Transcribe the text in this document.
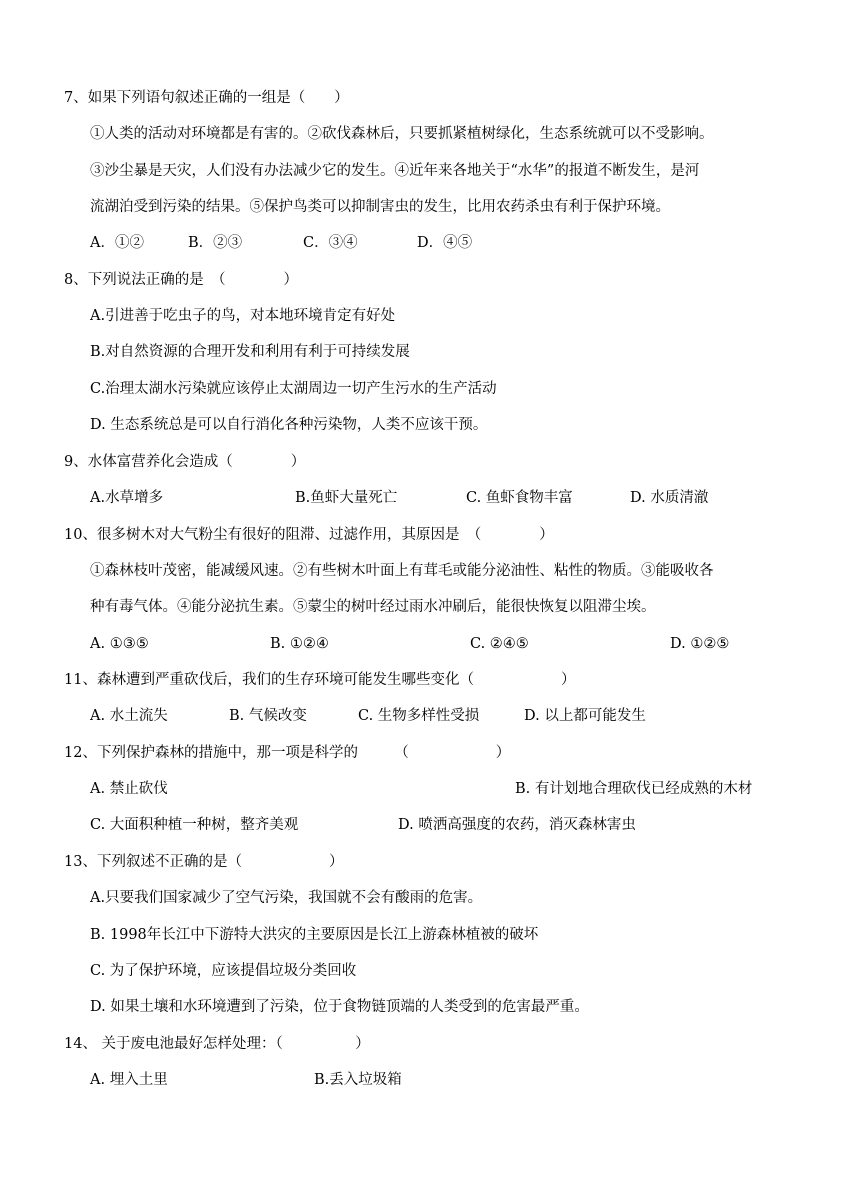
7、如果下列语句叙述正确的一组是（　　）
①人类的活动对环境都是有害的。②砍伐森林后，只要抓紧植树绿化，生态系统就可以不受影响。
③沙尘暴是天灾，人们没有办法减少它的发生。④近年来各地关于“水华”的报道不断发生，是河
流湖泊受到污染的结果。⑤保护鸟类可以抑制害虫的发生，比用农药杀虫有利于保护环境。
A．①②	B．②③	C．③④	D．④⑤
8、下列说法正确的是　（　　　　）
A.引进善于吃虫子的鸟，对本地环境肯定有好处
B.对自然资源的合理开发和利用有利于可持续发展
C.治理太湖水污染就应该停止太湖周边一切产生污水的生产活动
D. 生态系统总是可以自行消化各种污染物，人类不应该干预。
9、水体富营养化会造成（　　　　）
A.水草增多	B.鱼虾大量死亡	C. 鱼虾食物丰富	D. 水质清澈
10、很多树木对大气粉尘有很好的阻滞、过滤作用，其原因是　（　　　　）
①森林枝叶茂密，能减缓风速。②有些树木叶面上有茸毛或能分泌油性、粘性的物质。③能吸收各
种有毒气体。④能分泌抗生素。⑤蒙尘的树叶经过雨水冲刷后，能很快恢复以阻滞尘埃。
A. ①③⑤	B. ①②④	C. ②④⑤	D. ①②⑤
11、森林遭到严重砍伐后，我们的生存环境可能发生哪些变化（　　　　　　）
A. 水土流失	B. 气候改变	C. 生物多样性受损	D. 以上都可能发生
12、下列保护森林的措施中，那一项是科学的　　　（　　　　　　）
A. 禁止砍伐	B. 有计划地合理砍伐已经成熟的木材
C. 大面积种植一种树，整齐美观	D. 喷洒高强度的农药，消灭森林害虫
13、下列叙述不正确的是（　　　　　　）
A.只要我们国家减少了空气污染，我国就不会有酸雨的危害。
B. 1998年长江中下游特大洪灾的主要原因是长江上游森林植被的破坏
C. 为了保护环境，应该提倡垃圾分类回收
D. 如果土壤和水环境遭到了污染，位于食物链顶端的人类受到的危害最严重。
14、 关于废电池最好怎样处理：（　　　　　）
A. 埋入土里	B.丢入垃圾箱
